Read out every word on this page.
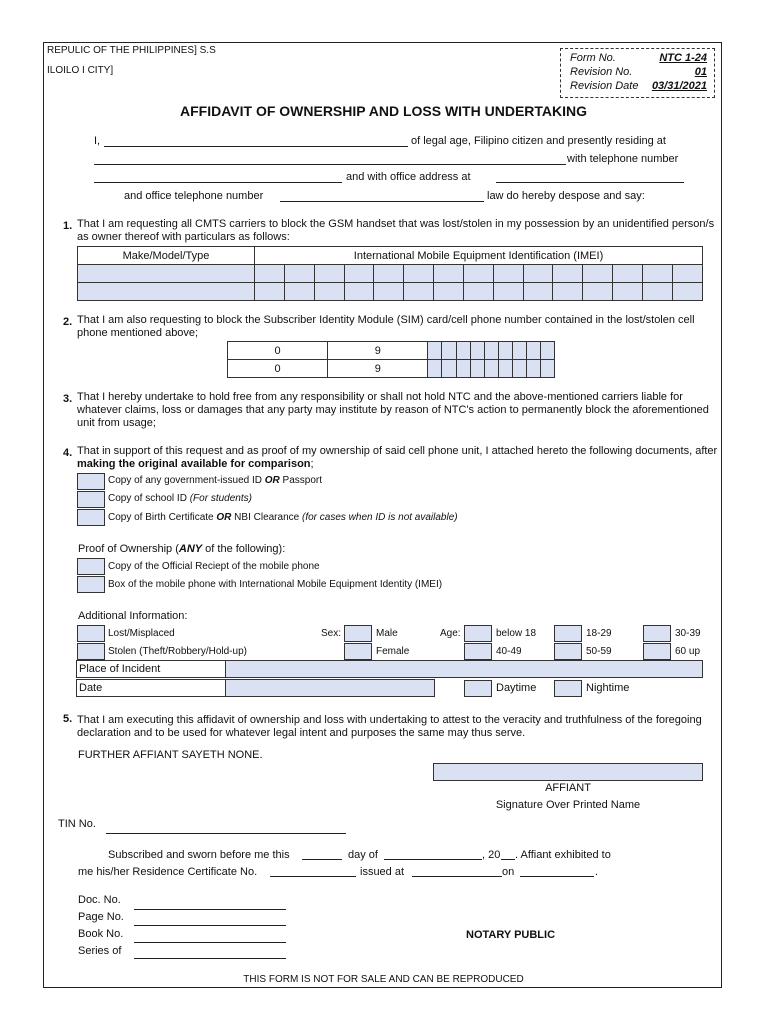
REPULIC OF THE PHILIPPINES] S.S
ILOILO I CITY]
Form No.	NTC 1-24
Revision No.	01
Revision Date 03/31/2021
AFFIDAVIT OF OWNERSHIP AND LOSS WITH UNDERTAKING
I,	of legal age, Filipino citizen and presently residing at
with telephone number
and with office address at
and office telephone number	law do hereby despose and say:
1. That I am requesting all CMTS carriers to block the GSM handset that was lost/stolen in my possession by an unidentified person/s as owner thereof with particulars as follows:
Make/Model/Type	International Mobile Equipment Identification (IMEI)														

2. That I am also requesting to block the Subscriber Identity Module (SIM) card/cell phone number contained in the lost/stolen cell phone mentioned above;
0	9									
0	9									
3. That I hereby undertake to hold free from any responsibility or shall not hold NTC and the above-mentioned carriers liable for whatever claims, loss or damages that any party may institute by reason of NTC's action to permanently block the aforementioned unit from usage;
4. That in support of this request and as proof of my ownership of said cell phone unit, I attached hereto the following documents, after making the original available for comparison;
Copy of any government-issued ID OR Passport
Copy of school ID (For students)
Copy of Birth Certificate OR NBI Clearance (for cases when ID is not available)
Proof of Ownership (ANY of the following):
Copy of the Official Reciept of the mobile phone
Box of the mobile phone with International Mobile Equipment Identity (IMEI)
Additional Information:
Lost/Misplaced	Sex:	Male	Age:	below 18	18-29	30-39
Stolen (Theft/Robbery/Hold-up)	Female	40-49	50-59	60 up
Place of Incident
Date	Daytime	Nightime
5. That I am executing this affidavit of ownership and loss with undertaking to attest to the veracity and truthfulness of the foregoing declaration and to be used for whatever legal intent and purposes the same may thus serve.
FURTHER AFFIANT SAYETH NONE.
AFFIANT
Signature Over Printed Name
TIN No.
Subscribed and sworn before me this	day of	, 20 . Affiant exhibited to
me his/her Residence Certificate No.	issued at	on	.
Doc. No.
Page No.
Book No.
Series of
NOTARY PUBLIC
THIS FORM IS NOT FOR SALE AND CAN BE REPRODUCED
